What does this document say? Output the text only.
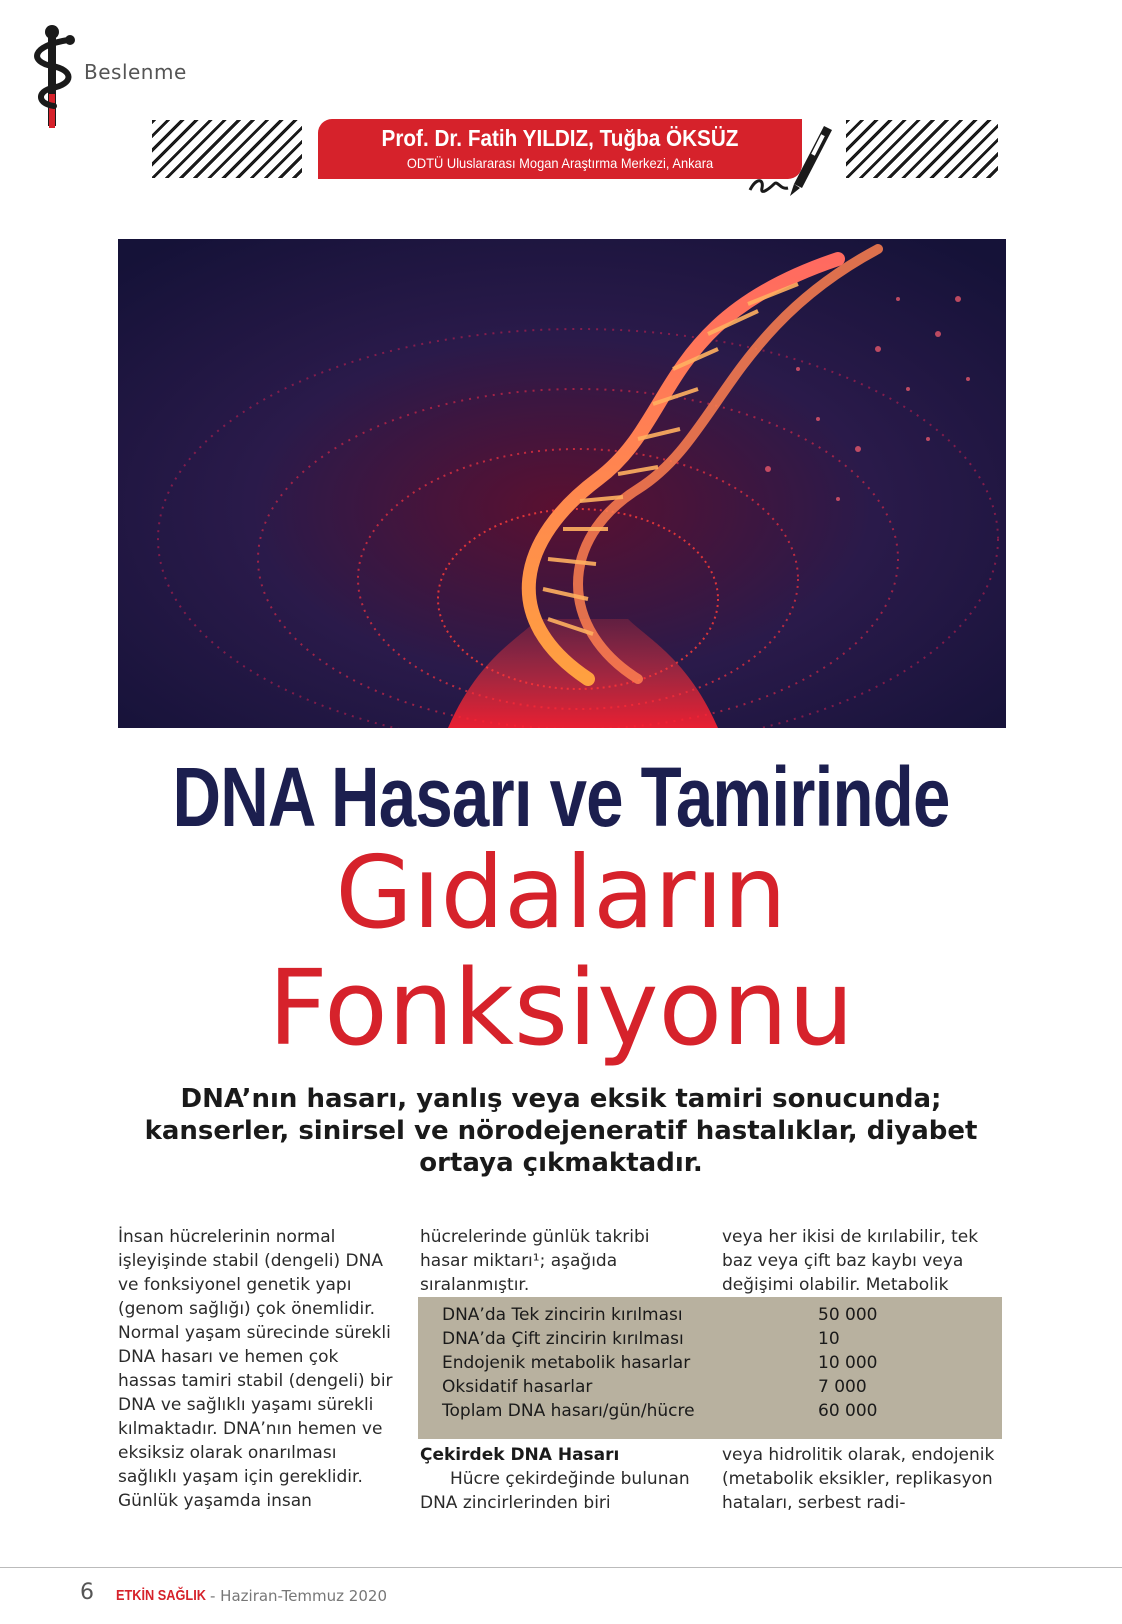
Beslenme
Prof. Dr. Fatih YILDIZ, Tuğba ÖKSÜZ
ODTÜ Uluslararası Mogan Araştırma Merkezi, Ankara
DNA Hasarı ve Tamirinde
Gıdaların
Fonksiyonu
DNA’nın hasarı, yanlış veya eksik tamiri sonucunda; kanserler, sinirsel ve nörodejeneratif hastalıklar, diyabet ortaya çıkmaktadır.
İnsan hücrelerinin normal işleyişinde stabil (dengeli) DNA ve fonksiyonel genetik yapı (genom sağlığı) çok önemlidir. Normal yaşam sürecinde sürekli DNA hasarı ve hemen çok hassas tamiri stabil (dengeli) bir DNA ve sağlıklı yaşamı sürekli kılmaktadır. DNA’nın hemen ve eksiksiz olarak onarılması sağlıklı yaşam için gereklidir. Günlük yaşamda insan
hücrelerinde günlük takribi hasar miktarı¹; aşağıda sıralanmıştır.
veya her ikisi de kırılabilir, tek baz veya çift baz kaybı veya değişimi olabilir. Metabolik
DNA’da Tek zincirin kırılması	50 000
DNA’da Çift zincirin kırılması	10
Endojenik metabolik hasarlar	10 000
Oksidatif hasarlar	7 000
Toplam DNA hasarı/gün/hücre	60 000
Çekirdek DNA Hasarı
Hücre çekirdeğinde bulunan DNA zincirlerinden biri
veya hidrolitik olarak, endojenik (metabolik eksikler, replikasyon hataları, serbest radi-
6 ETKİN SAĞLIK - Haziran-Temmuz 2020
